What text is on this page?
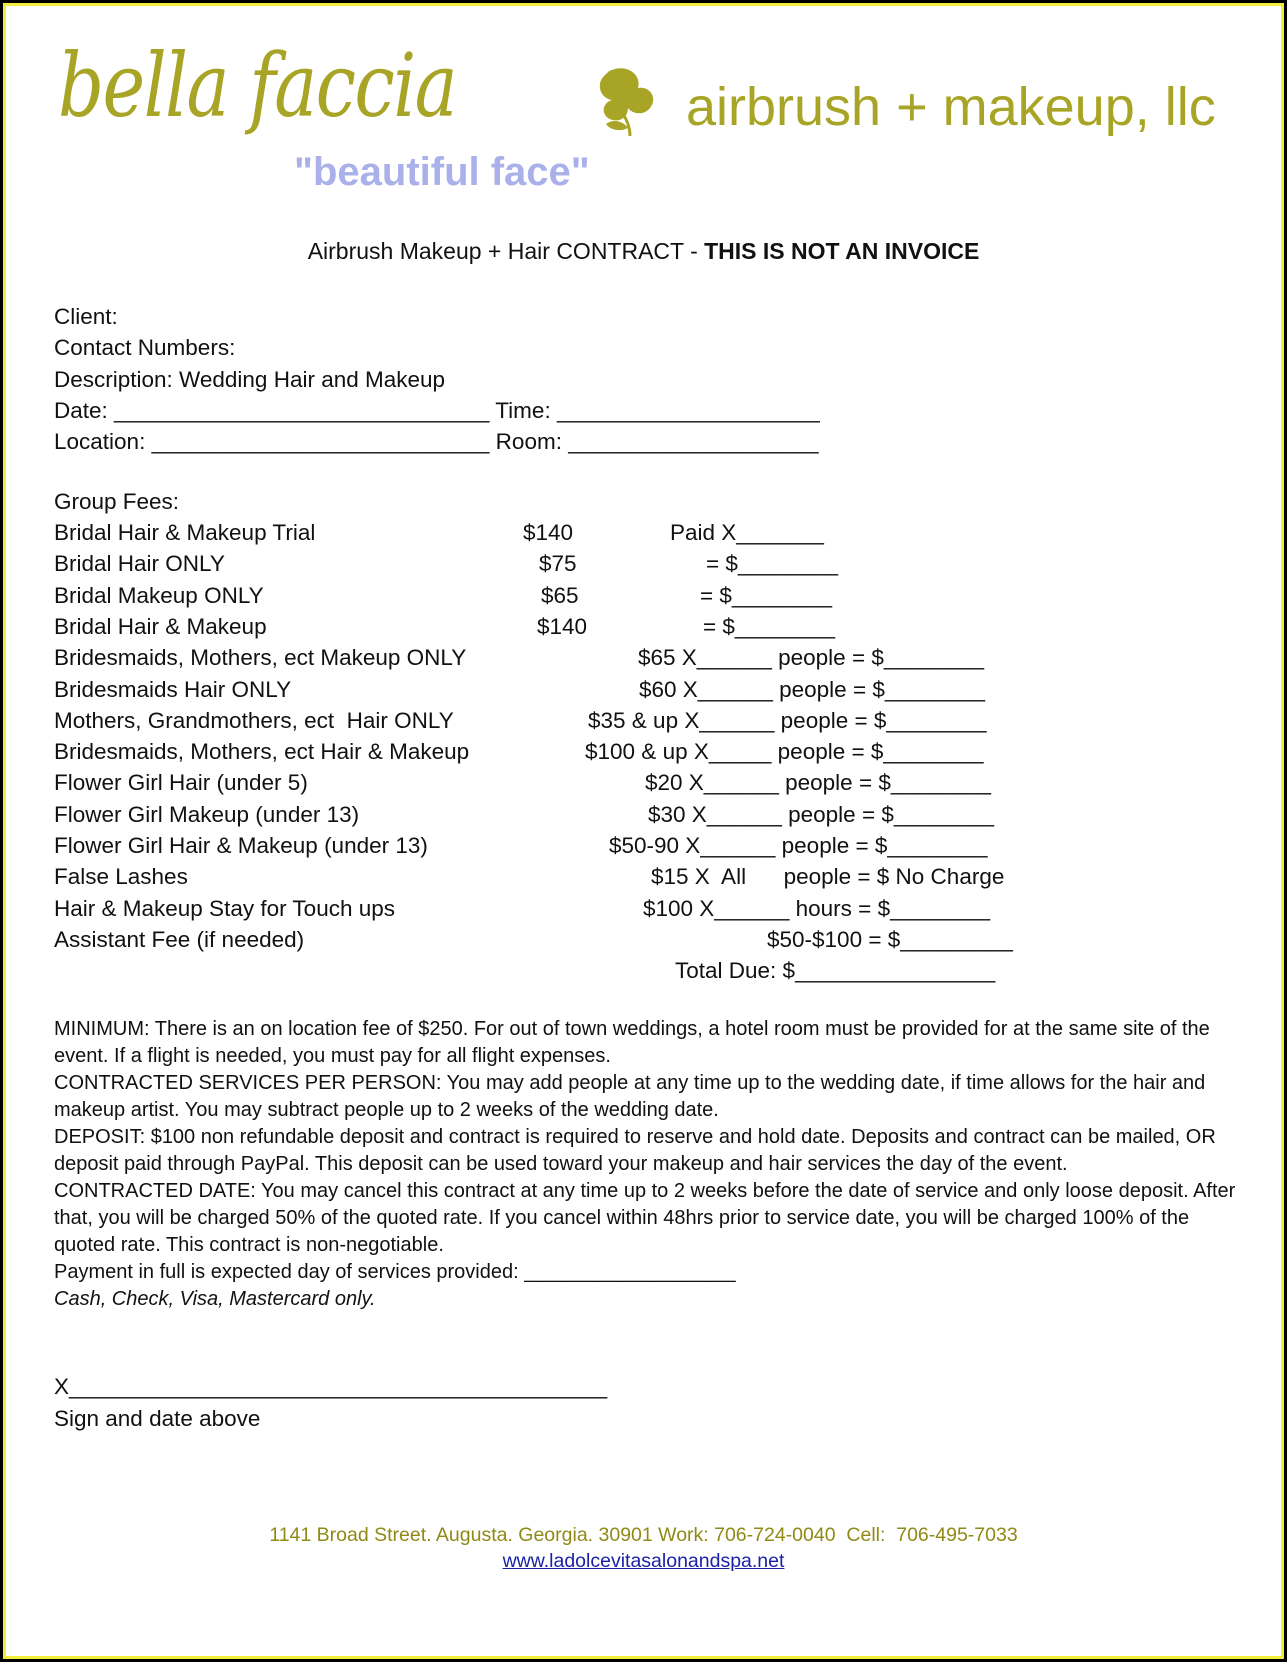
bella faccia
"beautiful face"
airbrush + makeup, llc
Airbrush Makeup + Hair CONTRACT - THIS IS NOT AN INVOICE
Client:
Contact Numbers:
Description: Wedding Hair and Makeup
Date: ______________________________ Time: _____________________
Location: ___________________________ Room: ____________________
Group Fees:
Bridal Hair & Makeup Trial	$140	Paid X_______
Bridal Hair ONLY	$75	= $________
Bridal Makeup ONLY	$65	= $________
Bridal Hair & Makeup	$140	= $________
Bridesmaids, Mothers, ect Makeup ONLY	$65 X______ people = $________
Bridesmaids Hair ONLY	$60 X______ people = $________
Mothers, Grandmothers, ect  Hair ONLY	$35 & up X______ people = $________
Bridesmaids, Mothers, ect Hair & Makeup	$100 & up X_____ people = $________
Flower Girl Hair (under 5)	$20 X______ people = $________
Flower Girl Makeup (under 13)	$30 X______ people = $________
Flower Girl Hair & Makeup (under 13)	$50-90 X______ people = $________
False Lashes	$15 X  All      people = $ No Charge
Hair & Makeup Stay for Touch ups	$100 X______ hours = $________
Assistant Fee (if needed)	$50-$100 = $_________
Total Due: $________________

MINIMUM: There is an on location fee of $250. For out of town weddings, a hotel room must be provided for at the same site of the event. If a flight is needed, you must pay for all flight expenses.

CONTRACTED SERVICES PER PERSON: You may add people at any time up to the wedding date, if time allows for the hair and makeup artist. You may subtract people up to 2 weeks of the wedding date.

DEPOSIT: $100 non refundable deposit and contract is required to reserve and hold date. Deposits and contract can be mailed, OR deposit paid through PayPal. This deposit can be used toward your makeup and hair services the day of the event.

CONTRACTED DATE: You may cancel this contract at any time up to 2 weeks before the date of service and only loose deposit. After that, you will be charged 50% of the quoted rate. If you cancel within 48hrs prior to service date, you will be charged 100% of the quoted rate. This contract is non-negotiable.

Payment in full is expected day of services provided: ___________________

Cash, Check, Visa, Mastercard only.

X___________________________________________
Sign and date above
1141 Broad Street. Augusta. Georgia. 30901 Work: 706-724-0040  Cell:  706-495-7033
www.ladolcevitasalonandspa.net
